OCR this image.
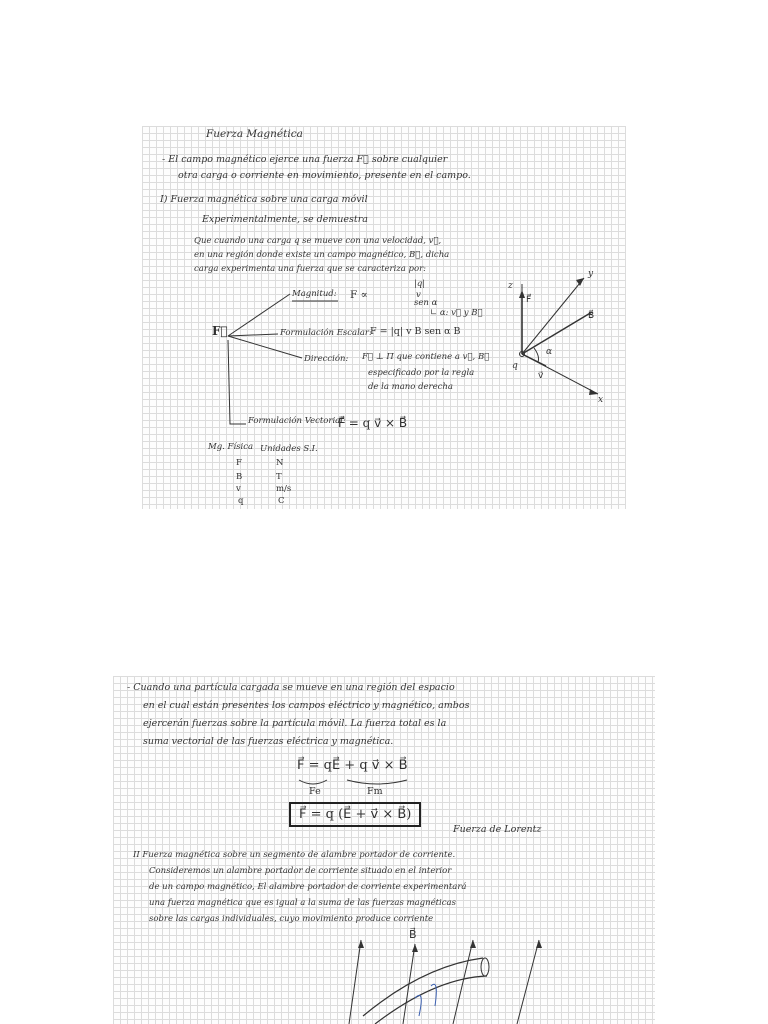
Fuerza Magnética
- El campo magnético ejerce una fuerza F⃗ sobre cualquier
otra carga o corriente en movimiento, presente en el campo.
I) Fuerza magnética sobre una carga móvil
Experimentalmente, se demuestra
Que cuando una carga q se mueve con una velocidad, v⃗,
en una región donde existe un campo magnético, B⃗, dicha
carga experimenta una fuerza que se caracteriza por:
Magnitud: F ∝
|q|
v
sen α
∟ α: v⃗ y B⃗
F⃗	Formulación Escalar:
F = |q| v B sen α B
Dirección: F⃗ ⊥ Π que contiene a v⃗, B⃗
especificado por la regla
de la mano derecha
Formulación Vectorial:
F⃗ = q v⃗ × B⃗
Mg. Física Unidades S.I.
F	N
B	T
v	m/s
q	C
z
y
x
F⃗
B⃗
v⃗
q
α
- Cuando una partícula cargada se mueve en una región del espacio
en el cual están presentes los campos eléctrico y magnético, ambos
ejercerán fuerzas sobre la partícula móvil. La fuerza total es la
suma vectorial de las fuerzas eléctrica y magnética.
F⃗ = qE⃗ + q v⃗ × B⃗
Fe	Fm
F⃗ = q (E⃗ + v⃗ × B⃗)
Fuerza de Lorentz
II Fuerza magnética sobre un segmento de alambre portador de corriente.
Consideremos un alambre portador de corriente situado en el interior
de un campo magnético, El alambre portador de corriente experimentará
una fuerza magnética que es igual a la suma de las fuerzas magnéticas
sobre las cargas individuales, cuyo movimiento produce corriente
B⃗
